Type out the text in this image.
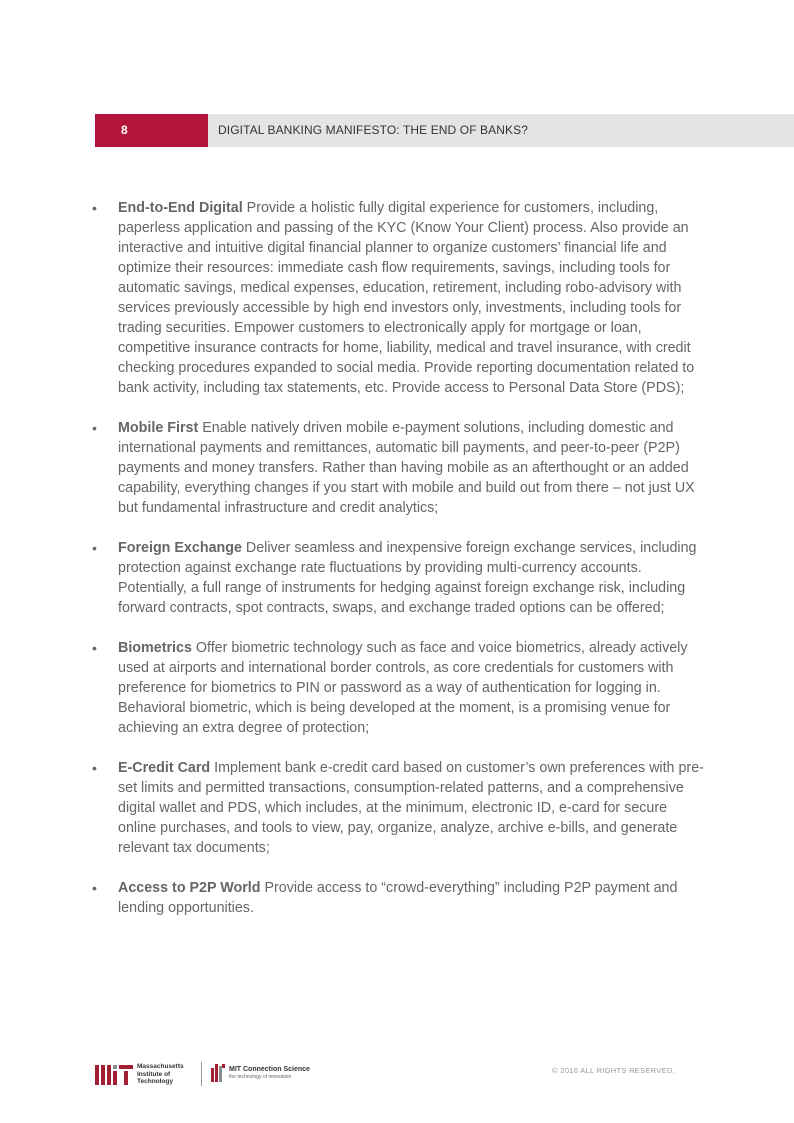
8	DIGITAL BANKING MANIFESTO: THE END OF BANKS?
• End-to-End Digital Provide a holistic fully digital experience for customers, including, paperless application and passing of the KYC (Know Your Client) process. Also provide an interactive and intuitive digital financial planner to organize customers’ financial life and optimize their resources: immediate cash flow requirements, savings, including tools for automatic savings, medical expenses, education, retirement, including robo-advisory with services previously accessible by high end investors only, investments, including tools for trading securities. Empower customers to electronically apply for mortgage or loan, competitive insurance contracts for home, liability, medical and travel insurance, with credit checking procedures expanded to social media. Provide reporting documentation related to bank activity, including tax statements, etc. Provide access to Personal Data Store (PDS);
• Mobile First Enable natively driven mobile e-payment solutions, including domestic and international payments and remittances, automatic bill payments, and peer-to-peer (P2P) payments and money transfers. Rather than having mobile as an afterthought or an added capability, everything changes if you start with mobile and build out from there – not just UX but fundamental infrastructure and credit analytics;
• Foreign Exchange Deliver seamless and inexpensive foreign exchange services, including protection against exchange rate fluctuations by providing multi-currency accounts. Potentially, a full range of instruments for hedging against foreign exchange risk, including forward contracts, spot contracts, swaps, and exchange traded options can be offered;
• Biometrics Offer biometric technology such as face and voice biometrics, already actively used at airports and international border controls, as core credentials for customers with preference for biometrics to PIN or password as a way of authentication for logging in. Behavioral biometric, which is being developed at the moment, is a promising venue for achieving an extra degree of protection;
• E-Credit Card Implement bank e-credit card based on customer’s own preferences with pre-set limits and permitted transactions, consumption-related patterns, and a comprehensive digital wallet and PDS, which includes, at the minimum, electronic ID, e-card for secure online purchases, and tools to view, pay, organize, analyze, archive e-bills, and generate relevant tax documents;
• Access to P2P World Provide access to “crowd-everything” including P2P payment and lending opportunities.
Massachusetts
Institute of
Technology
MIT Connection Science
the technology of innovation
© 2016 ALL RIGHTS RESERVED.
